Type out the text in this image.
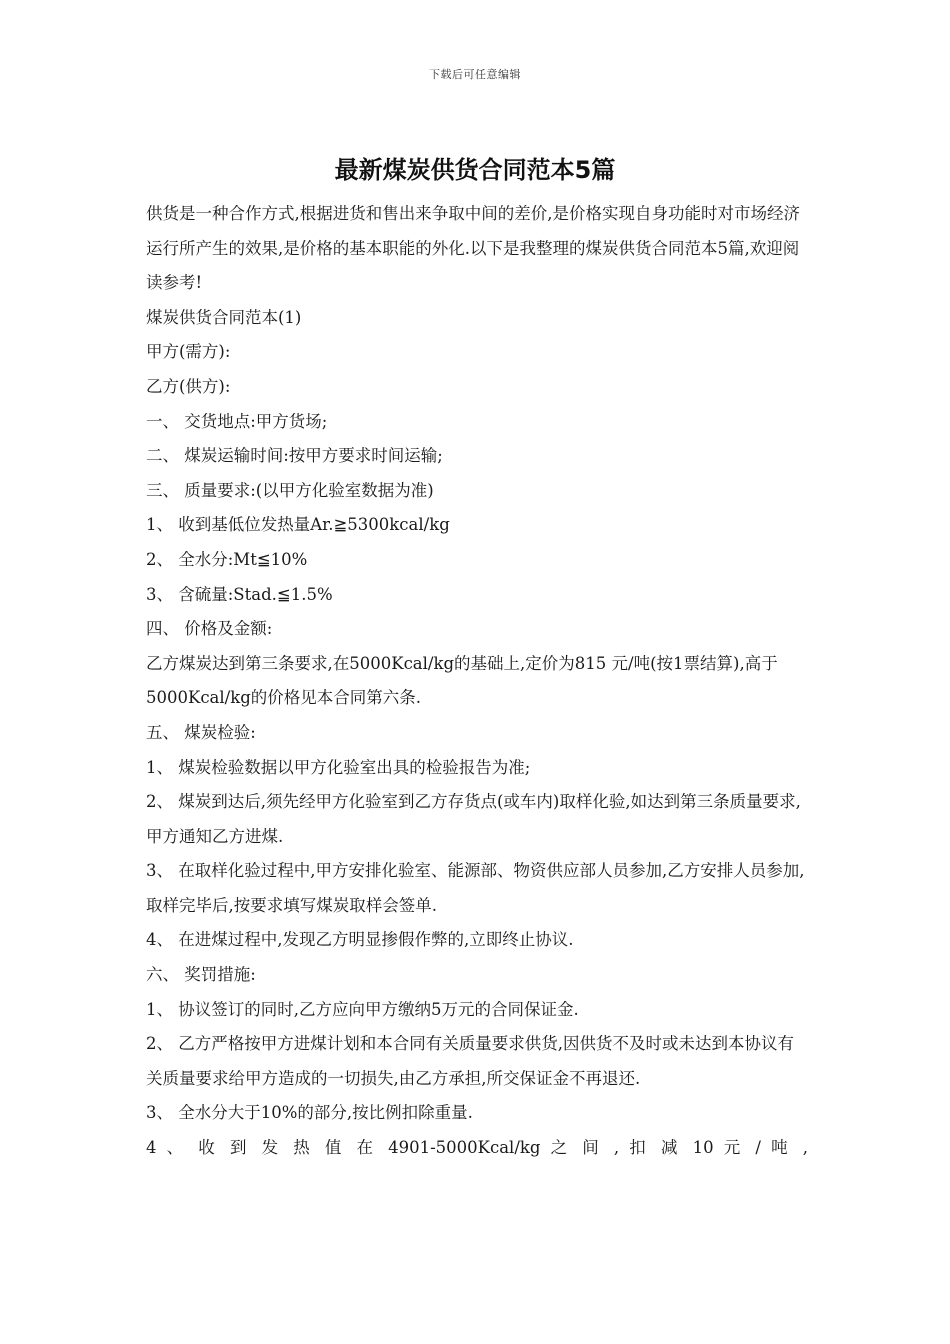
下载后可任意编辑
最新煤炭供货合同范本5篇

供货是一种合作方式,根据进货和售出来争取中间的差价,是价格实现自身功能时对市场经济运行所产生的效果,是价格的基本职能的外化.以下是我整理的煤炭供货合同范本5篇,欢迎阅读参考!

煤炭供货合同范本(1)

甲方(需方):

乙方(供方):

一、 交货地点:甲方货场;

二、 煤炭运输时间:按甲方要求时间运输;

三、 质量要求:(以甲方化验室数据为准)

1、 收到基低位发热量Ar.≧5300kcal/kg

2、 全水分:Mt≦10%

3、 含硫量:Stad.≦1.5%

四、 价格及金额:

乙方煤炭达到第三条要求,在5000Kcal/kg的基础上,定价为815 元/吨(按1票结算),高于5000Kcal/kg的价格见本合同第六条.

五、 煤炭检验:

1、 煤炭检验数据以甲方化验室出具的检验报告为准;

2、 煤炭到达后,须先经甲方化验室到乙方存货点(或车内)取样化验,如达到第三条质量要求,甲方通知乙方进煤.

3、 在取样化验过程中,甲方安排化验室、能源部、物资供应部人员参加,乙方安排人员参加,取样完毕后,按要求填写煤炭取样会签单.

4、 在进煤过程中,发现乙方明显掺假作弊的,立即终止协议.

六、 奖罚措施:

1、 协议签订的同时,乙方应向甲方缴纳5万元的合同保证金.

2、 乙方严格按甲方进煤计划和本合同有关质量要求供货,因供货不及时或未达到本协议有关质量要求给甲方造成的一切损失,由乙方承担,所交保证金不再退还.

3、 全水分大于10%的部分,按比例扣除重量.

4 、 收 到 发 热 值 在 4901-5000Kcal/kg 之 间 , 扣 减 10 元 / 吨 ,
